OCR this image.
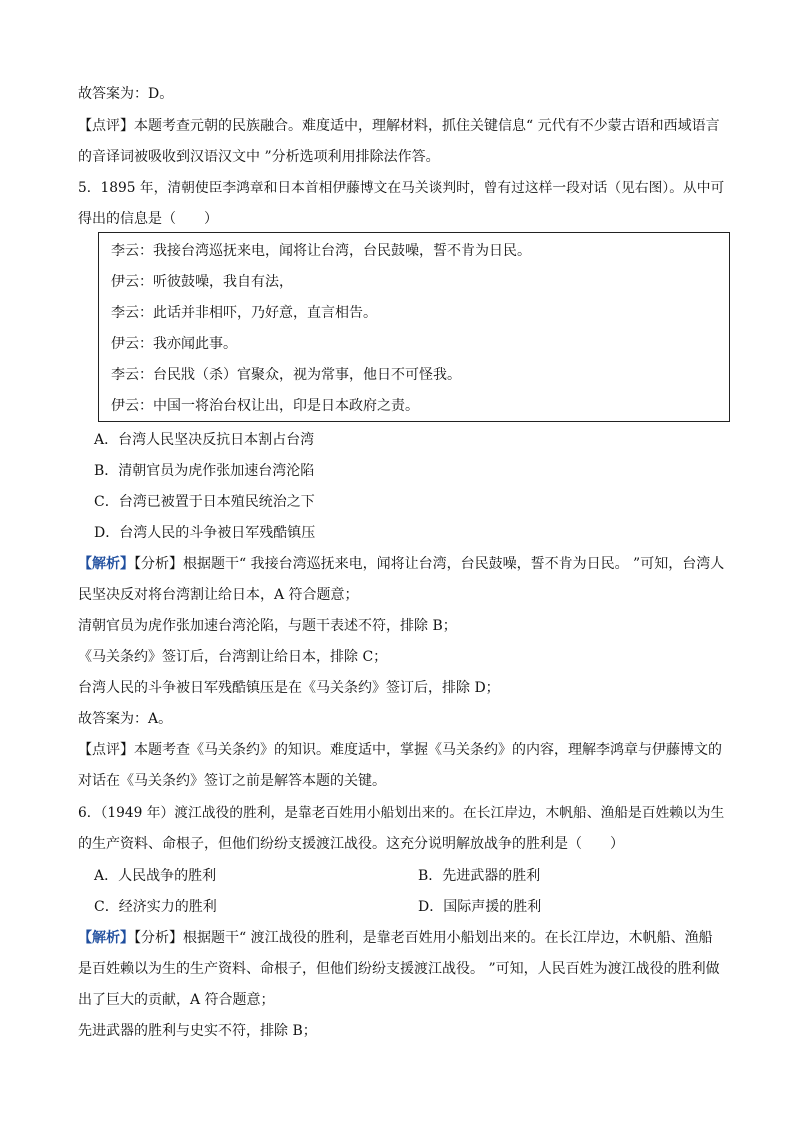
故答案为：D。
【点评】本题考查元朝的民族融合。难度适中，理解材料，抓住关键信息“ 元代有不少蒙古语和西域语言
的音译词被吸收到汉语汉文中 ”分析选项利用排除法作答。
5．1895 年，清朝使臣李鸿章和日本首相伊藤博文在马关谈判时，曾有过这样一段对话（见右图）。从中可
得出的信息是（　　）
李云：我接台湾巡抚来电，闻将让台湾，台民鼓噪，誓不肯为日民。
伊云：听彼鼓噪，我自有法，
李云：此话并非相吓，乃好意，直言相告。
伊云：我亦闻此事。
李云：台民戕（杀）官聚众，视为常事，他日不可怪我。
伊云：中国一将治台权让出，印是日本政府之责。
A．台湾人民坚决反抗日本割占台湾
B．清朝官员为虎作张加速台湾沦陷
C．台湾已被置于日本殖民统治之下
D．台湾人民的斗争被日军残酷镇压
【解析】【分析】根据题干“ 我接台湾巡抚来电，闻将让台湾，台民鼓噪，誓不肯为日民。 ”可知，台湾人
民坚决反对将台湾割让给日本，A 符合题意；
清朝官员为虎作张加速台湾沦陷，与题干表述不符，排除 B；
《马关条约》签订后，台湾割让给日本，排除 C；
台湾人民的斗争被日军残酷镇压是在《马关条约》签订后，排除 D；
故答案为：A。
【点评】本题考查《马关条约》的知识。难度适中，掌握《马关条约》的内容，理解李鸿章与伊藤博文的
对话在《马关条约》签订之前是解答本题的关键。
6．（1949 年）渡江战役的胜利，是靠老百姓用小船划出来的。在长江岸边，木帆船、渔船是百姓赖以为生
的生产资料、命根子，但他们纷纷支援渡江战役。这充分说明解放战争的胜利是（　　）
A．人民战争的胜利	B．先进武器的胜利
C．经济实力的胜利	D．国际声援的胜利
【解析】【分析】根据题干“ 渡江战役的胜利，是靠老百姓用小船划出来的。在长江岸边，木帆船、渔船
是百姓赖以为生的生产资料、命根子，但他们纷纷支援渡江战役。 ”可知，人民百姓为渡江战役的胜利做
出了巨大的贡献，A 符合题意；
先进武器的胜利与史实不符，排除 B；
